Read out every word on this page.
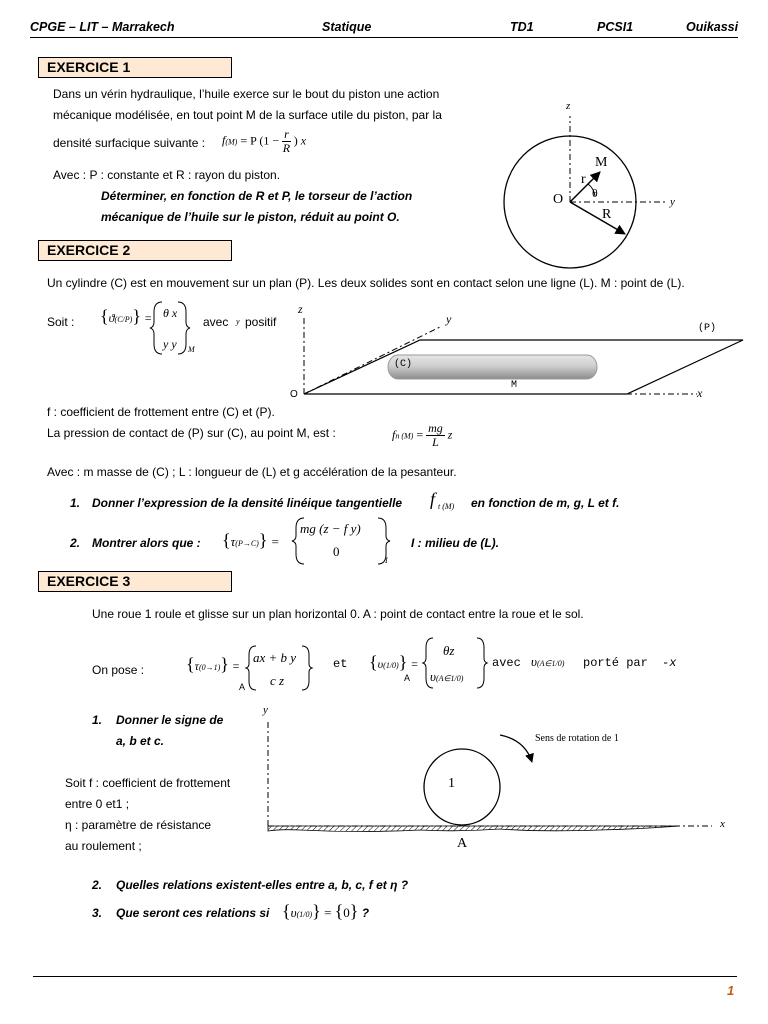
CPGE – LIT – Marrakech	Statique	TD1	PCSI1	Ouikassi
EXERCICE 1
Dans un vérin hydraulique, l’huile exerce sur le bout du piston une action
mécanique modélisée, en tout point M de la surface utile du piston, par la
densité surfacique suivante : f(M) = P ($1 - \frac{r}{R}$ ) x
Avec : P : constante et R : rayon du piston.
Déterminer, en fonction de R et P, le torseur de l’action
mécanique de l’huile sur le piston, réduit au point O.
z
y
O
M
r
θ
R
EXERCICE 2
Un cylindre (C) est en mouvement sur un plan (P). Les deux solides sont en contact selon une ligne (L). M : point de (L).
Soit : {ϑ(C/P)} = θ x
y y M
avec y positif
z
y
x
O
(P)
(C)
M
f : coefficient de frottement entre (C) et (P).
La pression de contact de (P) sur (C), au point M, est :	fn $(M) = \frac{mg}{L}$ z
Avec : m masse de (C) ; L : longueur de (L) et g accélération de la pesanteur.
1. Donner l’expression de la densité linéique tangentielle f t (M) en fonction de m, g, L et f.
2. Montrer alors que : {τ(P→C)} =
mg (z − f y)
0
I
I : milieu de (L).
EXERCICE 3
Une roue 1 roule et glisse sur un plan horizontal 0. A : point de contact entre la roue et le sol.
On pose : {τ(0→1)} =
ax + b y
c z
A
et {υ(1/0)} =
θz
υ(A∈1/0)
A
avec υ(A∈1/0) porté par -x
1. Donner le signe de
a, b et c.
Soit f : coefficient de frottement
entre 0 et1 ;
η : paramètre de résistance
au roulement ;
y
x
Sens de rotation de 1
1
A
2. Quelles relations existent-elles entre a, b, c, f et η ?
3. Que seront ces relations si {υ(1/0)} = {0} ?
1
